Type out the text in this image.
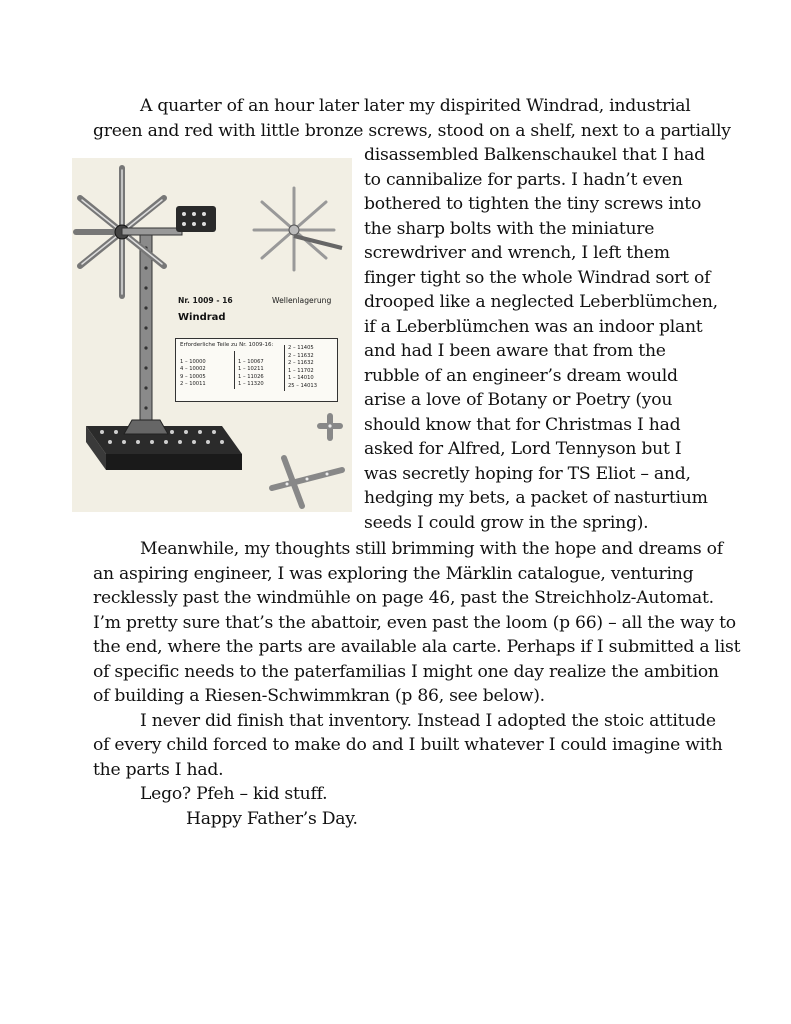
A quarter of an hour later later my dispirited Windrad, industrial
green and red with little bronze screws, stood on a shelf, next to a partially
Nr. 1009 - 16	Wellenlagerung
Windrad
Erforderliche Teile zu Nr. 1009-16:

1 – 10000
4 – 10002
9 – 10005
2 – 10011

1 – 10067
1 – 10211
1 – 11026
1 – 11320
2 – 11405
2 – 11632
2 – 11632
1 – 11702
1 – 14010
25 – 14013
disassembled Balkenschaukel that I had
to cannibalize for parts. I hadn’t even
bothered to tighten the tiny screws into
the sharp bolts with the miniature
screwdriver and wrench, I left them
finger tight so the whole Windrad sort of
drooped like a neglected Leberblümchen,
if a Leberblümchen was an indoor plant
and had I been aware that from the
rubble of an engineer’s dream would
arise a love of Botany or Poetry (you
should know that for Christmas I had
asked for Alfred, Lord Tennyson but I
was secretly hoping for TS Eliot – and,
hedging my bets, a packet of nasturtium
seeds I could grow in the spring).
Meanwhile, my thoughts still brimming with the hope and dreams of
an aspiring engineer, I was exploring the Märklin catalogue, venturing
recklessly past the windmühle on page 46, past the Streichholz-Automat.
I’m pretty sure that’s the abattoir, even past the loom (p 66) – all the way to
the end, where the parts are available ala carte. Perhaps if I submitted a list
of specific needs to the paterfamilias I might one day realize the ambition
of building a Riesen-Schwimmkran (p 86, see below).
I never did finish that inventory. Instead I adopted the stoic attitude
of every child forced to make do and I built whatever I could imagine with
the parts I had.
Lego? Pfeh – kid stuff.
Happy Father’s Day.
